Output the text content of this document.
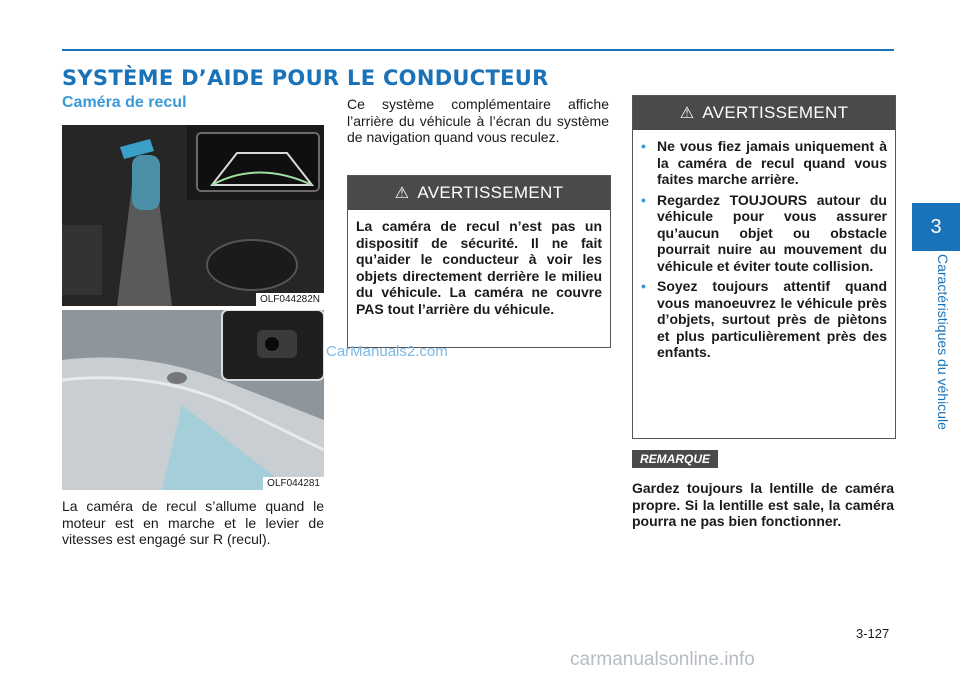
SYSTÈME D’AIDE POUR LE CONDUCTEUR
Caméra de recul
OLF044282N
OLF044281
La caméra de recul s’allume quand le moteur est en marche et le levier de vitesses est engagé sur R (recul).
Ce système complémentaire affiche l’arrière du véhicule à l’écran du système de navigation quand vous reculez.
⚠ AVERTISSEMENT
La caméra de recul n’est pas un dispositif de sécurité. Il ne fait qu’aider le conducteur à voir les objets directement derrière le milieu du véhicule. La caméra ne couvre PAS tout l’arrière du véhicule.
⚠ AVERTISSEMENT
• Ne vous fiez jamais uniquement à la caméra de recul quand vous faites marche arrière.
• Regardez TOUJOURS autour du véhicule pour vous assurer qu’aucun objet ou obstacle pourrait nuire au mouvement du véhicule et éviter toute collision.
• Soyez toujours attentif quand vous manoeuvrez le véhicule près d’objets, surtout près de piètons et plus particulièrement près des enfants.
REMARQUE
Gardez toujours la lentille de caméra propre. Si la lentille est sale, la caméra pourra ne pas bien fonctionner.
3
Caractéristiques du véhicule
3-127
CarManuals2.com
carmanualsonline.info
